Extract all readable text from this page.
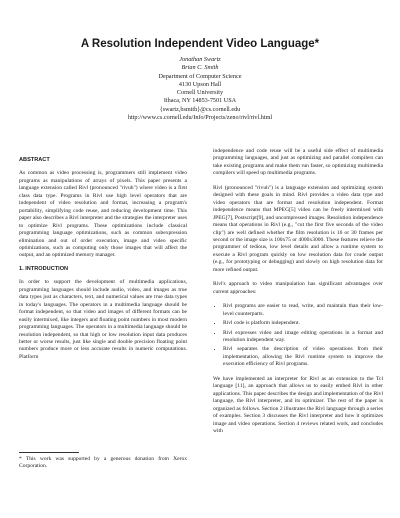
A Resolution Independent Video Language*
Jonathan Swartz
Brian C. Smith
Department of Computer Science
4130 Upson Hall
Cornell University
Ithaca, NY 14853-7501 USA
{swartz,bsmith}@cs.cornell.edu
http://www.cs.cornell.edu/Info/Projects/zeno/rivl/rivl.html
ABSTRACT

As common as video processing is, programmers still implement video programs as manipulations of arrays of pixels. This paper presents a language extension called Rivl (pronounced "rivuh") where video is a first class data type. Programs in Rivl use high level operators that are independent of video resolution and format, increasing a program's portability, simplifying code reuse, and reducing development time. This paper also describes a Rivl interpreter and the strategies the interpreter uses to optimize Rivl programs. These optimizations include classical programming language optimizations, such as common subexpression elimination and out of order execution, image and video specific optimizations, such as computing only those images that will affect the output, and an optimized memory manager.

1. INTRODUCTION

In order to support the development of multimedia applications, programming languages should include audio, video, and images as true data types just as characters, text, and numerical values are true data types in today's languages. The operators in a multimedia language should be format independent, so that video and images of different formats can be easily intermixed, like integers and floating point numbers in most modern programming languages. The operators in a multimedia language should be resolution independent, so that high or low resolution input data produces better or worse results, just like single and double precision floating point numbers produce more or less accurate results in numeric computations. Platform

* This work was supported by a generous donation from Xerox Corporation.

independence and code reuse will be a useful side effect of multimedia programming languages, and just as optimizing and parallel compilers can take existing programs and make them run faster, so optimizing multimedia compilers will speed up multimedia programs.

Rivl (pronounced "rivuh") is a language extension and optimizing system designed with these goals in mind. Rivl provides a video data type and video operators that are format and resolution independent. Format independence means that MPEG[5] video can be freely intermixed with JPEG[7], Postscript[9], and uncompressed images. Resolution independence means that operations in Rivl (e.g., "cut the first five seconds of the video clip") are well defined whether the film resolution is 16 or 30 frames per second or the image size is 100x75 or 4000x3000. These features relieve the programmer of tedious, low level details and allow a runtime system to execute a Rivl program quickly on low resolution data for crude output (e.g., for prototyping or debugging) and slowly on high resolution data for more refined output.

Rivl's approach to video manipulation has significant advantages over current approaches:

• Rivl programs are easier to read, write, and maintain than their low-level counterparts.
• Rivl code is platform independent.
• Rivl expresses video and image editing operations in a format and resolution independent way.
• Rivl separates the description of video operations from their implementation, allowing the Rivl runtime system to improve the execution efficiency of Rivl programs.

We have implemented an interpreter for Rivl as an extension to the Tcl language [11], an approach that allows us to easily embed Rivl in other applications. This paper describes the design and implementation of the Rivl language, the Rivl interpreter, and its optimizer. The rest of the paper is organized as follows. Section 2 illustrates the Rivl language through a series of examples. Section 3 discusses the Rivl interpreter and how it optimizes image and video operations. Section 4 reviews related work, and concludes with
